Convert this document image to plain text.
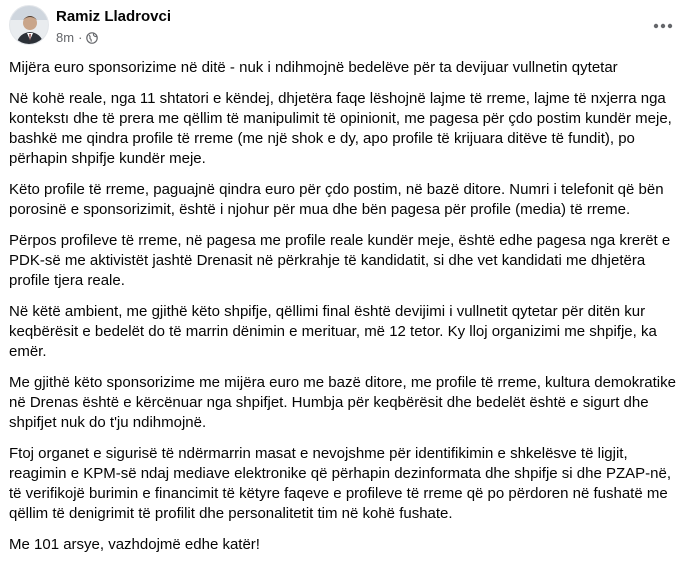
Ramiz Lladrovci
8m ·

Mijëra euro sponsorizime në ditë - nuk i ndihmojnë bedelëve për ta devijuar vullnetin qytetar

Në kohë reale, nga 11 shtatori e këndej, dhjetëra faqe lëshojnë lajme të rreme, lajme të nxjerra nga kontekstı dhe të prera me qëllim të manipulimit të opinionit, me pagesa për çdo postim kundër meje, bashkë me qindra profile të rreme (me një shok e dy, apo profile të krijuara ditëve të fundit), po përhapin shpifje kundër meje.

Këto profile të rreme, paguajnë qindra euro për çdo postim, në bazë ditore. Numri i telefonit që bën porosinë e sponsorizimit, është i njohur për mua dhe bën pagesa për profile (media) të rreme.

Përpos profileve të rreme, në pagesa me profile reale kundër meje, është edhe pagesa nga krerët e PDK-së me aktivistët jashtë Drenasit në përkrahje të kandidatit, si dhe vet kandidati me dhjetëra profile tjera reale.

Në këtë ambient, me gjithë këto shpifje, qëllimi final është devijimi i vullnetit qytetar për ditën kur keqbërësit e bedelët do të marrin dënimin e merituar, më 12 tetor. Ky lloj organizimi me shpifje, ka emër.

Me gjithë këto sponsorizime me mijëra euro me bazë ditore, me profile të rreme, kultura demokratike në Drenas është e kërcënuar nga shpifjet. Humbja për keqbërësit dhe bedelët është e sigurt dhe shpifjet nuk do t'ju ndihmojnë.

Ftoj organet e sigurisë të ndërmarrin masat e nevojshme për identifikimin e shkelësve të ligjit, reagimin e KPM-së ndaj mediave elektronike që përhapin dezinformata dhe shpifje si dhe PZAP-në, të verifikojë burimin e financimit të këtyre faqeve e profileve të rreme që po përdoren në fushatë me qëllim të denigrimit të profilit dhe personalitetit tim në kohë fushate.

Me 101 arsye, vazhdojmë edhe katër!
